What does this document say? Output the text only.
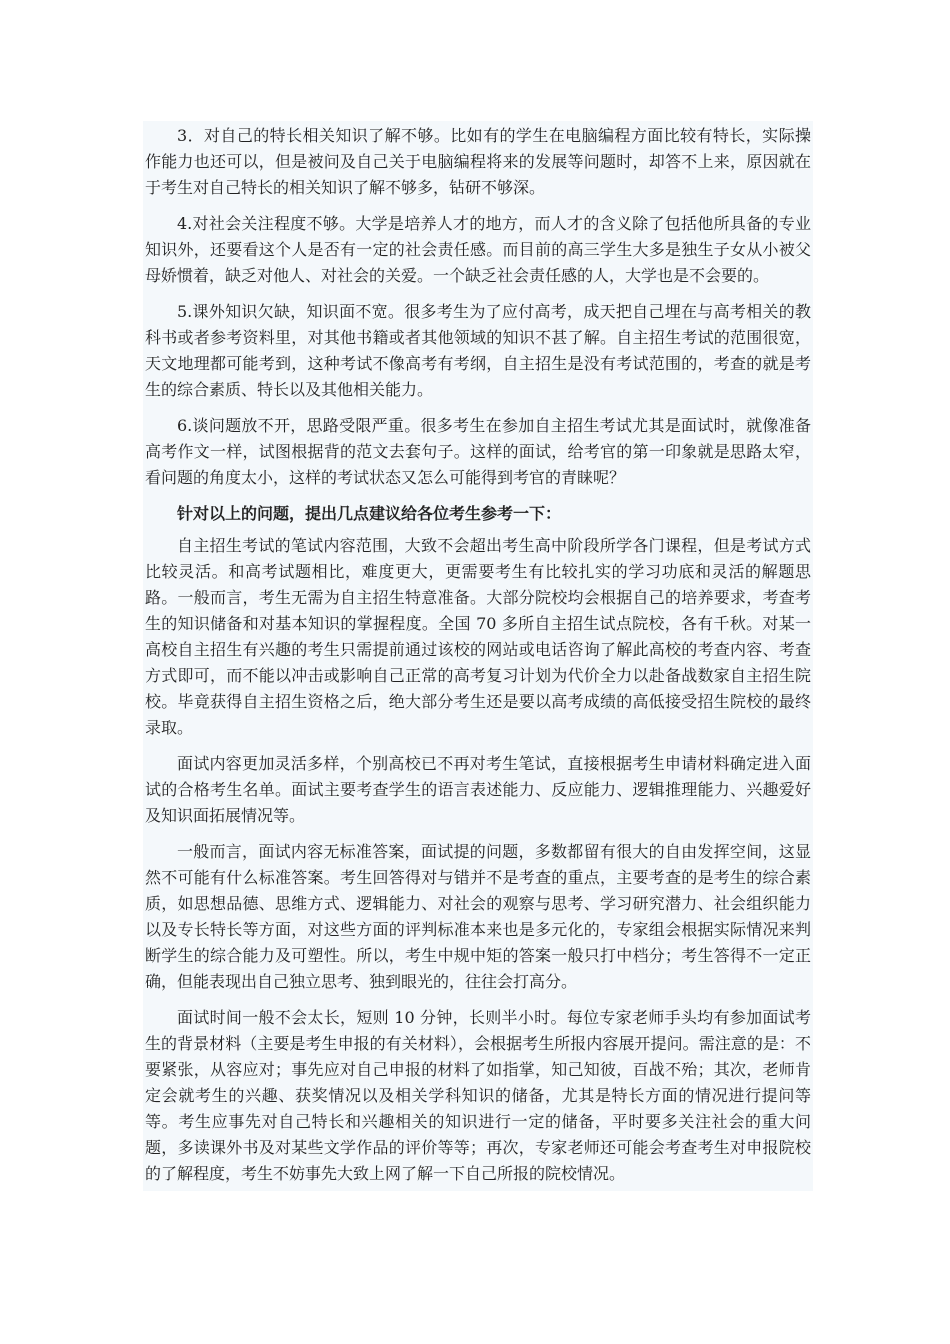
3．对自己的特长相关知识了解不够。比如有的学生在电脑编程方面比较有特长，实际操作能力也还可以，但是被问及自己关于电脑编程将来的发展等问题时，却答不上来，原因就在于考生对自己特长的相关知识了解不够多，钻研不够深。

4.对社会关注程度不够。大学是培养人才的地方，而人才的含义除了包括他所具备的专业知识外，还要看这个人是否有一定的社会责任感。而目前的高三学生大多是独生子女从小被父母娇惯着，缺乏对他人、对社会的关爱。一个缺乏社会责任感的人，大学也是不会要的。

5.课外知识欠缺，知识面不宽。很多考生为了应付高考，成天把自己埋在与高考相关的教科书或者参考资料里，对其他书籍或者其他领域的知识不甚了解。自主招生考试的范围很宽，天文地理都可能考到，这种考试不像高考有考纲，自主招生是没有考试范围的，考查的就是考生的综合素质、特长以及其他相关能力。

6.谈问题放不开，思路受限严重。很多考生在参加自主招生考试尤其是面试时，就像准备高考作文一样，试图根据背的范文去套句子。这样的面试，给考官的第一印象就是思路太窄，看问题的角度太小，这样的考试状态又怎么可能得到考官的青睐呢？

针对以上的问题，提出几点建议给各位考生参考一下：

自主招生考试的笔试内容范围，大致不会超出考生高中阶段所学各门课程，但是考试方式比较灵活。和高考试题相比，难度更大，更需要考生有比较扎实的学习功底和灵活的解题思路。一般而言，考生无需为自主招生特意准备。大部分院校均会根据自己的培养要求，考查考生的知识储备和对基本知识的掌握程度。全国 70 多所自主招生试点院校，各有千秋。对某一高校自主招生有兴趣的考生只需提前通过该校的网站或电话咨询了解此高校的考查内容、考查方式即可，而不能以冲击或影响自己正常的高考复习计划为代价全力以赴备战数家自主招生院校。毕竟获得自主招生资格之后，绝大部分考生还是要以高考成绩的高低接受招生院校的最终录取。

面试内容更加灵活多样，个别高校已不再对考生笔试，直接根据考生申请材料确定进入面试的合格考生名单。面试主要考查学生的语言表述能力、反应能力、逻辑推理能力、兴趣爱好及知识面拓展情况等。

一般而言，面试内容无标准答案，面试提的问题，多数都留有很大的自由发挥空间，这显然不可能有什么标准答案。考生回答得对与错并不是考查的重点，主要考查的是考生的综合素质，如思想品德、思维方式、逻辑能力、对社会的观察与思考、学习研究潜力、社会组织能力以及专长特长等方面，对这些方面的评判标准本来也是多元化的，专家组会根据实际情况来判断学生的综合能力及可塑性。所以，考生中规中矩的答案一般只打中档分；考生答得不一定正确，但能表现出自己独立思考、独到眼光的，往往会打高分。

面试时间一般不会太长，短则 10 分钟，长则半小时。每位专家老师手头均有参加面试考生的背景材料（主要是考生申报的有关材料），会根据考生所报内容展开提问。需注意的是：不要紧张，从容应对；事先应对自己申报的材料了如指掌，知己知彼，百战不殆；其次，老师肯定会就考生的兴趣、获奖情况以及相关学科知识的储备，尤其是特长方面的情况进行提问等等。考生应事先对自己特长和兴趣相关的知识进行一定的储备，平时要多关注社会的重大问题，多读课外书及对某些文学作品的评价等等；再次，专家老师还可能会考查考生对申报院校的了解程度，考生不妨事先大致上网了解一下自己所报的院校情况。
